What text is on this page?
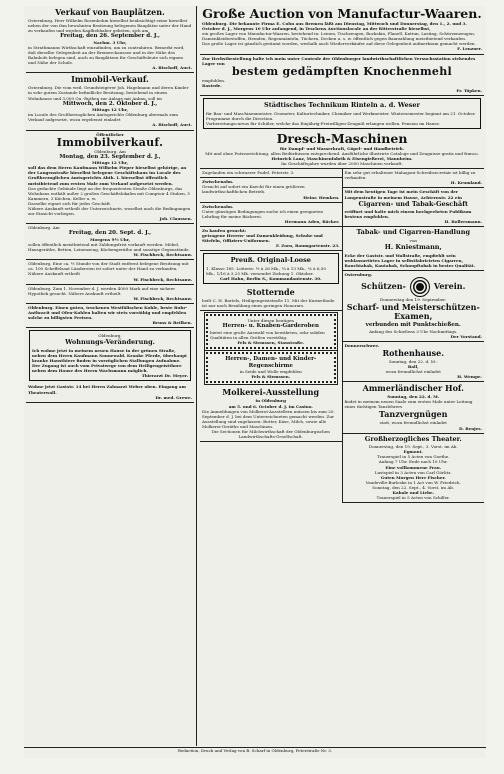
Verkauf von Bauplätzen.

Osternburg. Herr Wilhelm Rosenbohm hieselbst beabsichtigt seine hieselbst neben der von ihm bewohnten Besitzung belegenen Bauplätze unter der Hand zu verkaufen und werden Kaufliebhaber gebeten, sich am

Freitag, den 26. September d. J.,

Nachm. 3 Uhr,

in Strathmanns Wirthschaft einzufinden, um zu contrahiren. Bemerkt wird, daß dieselbe Gelegenheit an der Bremerchaussee und in der Nähe des Bahnhofs belegen sind, auch zu Bauplätzen für Geschäftsleute sich eignen und Nähe der Schule.

A. Bischoff, Auct.

Immobil-Verkauf.

Osternburg. Die vom weil. Grundsteigerer Joh. Hagelmann und deren Kinder in sehr gutem Zustande befindliche Besitzung, bestehend in einem Wohnhause und 3,000 Qu.-Ruthen zur Anlage mit Anbau, soll im

Mittwoch, den 2. Oktober d. J.,

Mittags 12 Uhr,

im Locale des Großherzoglichen Amtsgerichts Oldenburg abermals zum Verkauf aufgesetzt, wozu ergebenst einladet

A. Bischoff, Auct.

Öffentlicher

Immobilverkauf.

Oldenburg. Am

Montag, den 23. September d. J.,

Mittags 12 Uhr,

soll das dem Herrn Kaufmann Wilhelm Pieper hieselbst gehörige, an der Langenstraße hieselbst belegene Geschäftshaus im Locale des Großherzoglichen Amtsgerichts Abth. I. hierselbst öffentlich meistbietend zum ersten Male zum Verkauf aufgesetzt werden.

Das gedachte Gebäude liegt an der frequentesten Straße Oldenburgs, das Wohnhaus enthält außer 2 großen Geschäftslokalen mit Comptoir 4 Stuben, 5 Kammern, 3 Küchen, Keller u. w.

Dasselbe eignet sich für jedes Geschäft.

Nähere Auskunft ertheilt der Unterzeichnete, woselbst auch die Bedingungen zur Einsicht vorliegen.

Joh. Claussen.

Oldenburg. Am

Freitag, den 20. Sept. d. J.,

Morgens 9½ Uhr,

sollen öffentlich meistbietend mit Zahlungsfrist verkauft werden: Möbel, Hausgeräthe, Betten, Leinenzeug, Küchengeräthe und sonstige Gegenstände.

W. Fischbeck, Rechtsanw.

Oldenburg. Eine ca. ½ Stunde von der Stadt entfernt belegene Besitzung mit ca. 100 Scheffelsaat Ländereien ist sofort unter der Hand zu verkaufen. Nähere Auskunft ertheilt

W. Fischbeck, Rechtsanw.

Oldenburg. Zum 1. November d. J. werden 4000 Mark auf eine sichere Hypothek gesucht. Nähere Auskunft ertheilt

W. Fischbeck, Rechtsanw.

Oldenburg. Einen guten, trockenen Westfälischen Kohle, beste Ruhr-Anthracit und Ofen-Kohlen halten wir stets vorräthig und empfehlen solche zu billigsten Preisen.

Bruns & Beilken.

Oldenburg.

Wohnungs-Veränderung.

Ich wohne jetzt in meinem neuen Hause in der grünen Straße, neben dem Herrn Kaufmann Sonnewald. Kranke Pferde, überhaupt kranke Hausthiere finden in vorzüglichen Stallungen Aufnahme.

Der Zugang ist auch vom Privatwege von dem Heiligengeistthore neben dem Hause des Herrn Wachsmann möglich.

Thierarzt Dr. Meyer.

Wohne jetzt Gaststr. 14 bei Herrn Zahnarzt Weber oben. Eingang am Theaterwall.

Dr. med. Grewe.

Große Auction von Manufactur-Waaren.

Oldenburg. Die bekannte Firma E. Cohn aus Bremen läßt am Dienstag, Mittwoch und Donnerstag, den 1., 2. und 3. October d. J., Morgens 10 Uhr anfangend, in Teschens Auctionslocale an der Ritterstraße hieselbst,

ein großes Lager von Manufactur-Waaren, bestehend in: Leinen, Tischzeugen, Buckskin, Flanell, Kattun, Lasting, Schürzenzeugen, Damenkleiderstoffen, Hemden, Regenmänteln, Tüchern, Decken u. s. w. öffentlich gegen Baarzahlung meistbietend verkaufen.

Das große Lager ist gänzlich geräumt worden, weshalb auch Wiederverkäufer auf diese Gelegenheit aufmerksam gemacht werden.

F. Lenzner.

Zur Herbstbestellung halte ich mein unter Controle der Oldenburger landwirthschaftlichen Versuchsstation stehendes Lager von

bestem gedämpften Knochenmehl

empfohlen.

Rastede.

Fr. Töpken.

Städtisches Technikum Rinteln a. d. Weser

für Bau- und Maschinenmeister, Geometer, Kulturtechniker, Chemiker und Werkmeister. Wintersemester beginnt am 21. October. Programme durch die Direction.

Vorbereitungscursus für Schüler, welche das Einjährig-Freiwilligen-Zeugniß erlangen wollen. Pension im Hause.

Dresch-Maschinen

für Dampf- und Wasserkraft, Göpel- und Handbetrieb.

Mit und ohne Putzvorrichtung, allen Bedürfnissen entsprechend. Ausführliche illustrirte Cataloge und Zeugnisse gratis und franco.

Heinrich Lanz, Maschinenfabrik & Eisengießerei, Mannheim.

Im Geschäftsjahre wurden über 2000 Maschinen verkauft.

Zugelaufen ein schwarzer Pudel. Peterstr. 3.

Zwischenahn.

Gesucht auf sofort ein Knecht für einen größeren landwirthschaftlichen Betrieb.

Heinr. Hemken.

Zwischenahn.

Unter günstigen Bedingungen suche ich einen geeigneten Lehrling für meine Bäckerei.

Hermann Aden, Bäcker.

Zu kaufen gesucht:

getragene Herren- und Damenkleidung, Schuhe und Stiefeln, Offiziers-Uniformen.

F. Zorn, Baumgartenstr. 23.

Preuß. Original-Loose

1. Klasse 185. Lotterie: ½ à 26 Mk., ¼ à 13 Mk., ⅛ à 6,50 Mk., 1/16 à 3,25 Mk. versendet Ziehung 1. Oktober.

Carl Hahn, Berlin S., Kommandantenstr. 30.

Stotternde

heilt C. H. Bartels, Heiligengeiststraße 11. Mit der Kurmethode ist nur nach Bezahlung eines geringen Honorars.

Unter diesen heutigen

Herren- u. Knaben-Garderoben

bietet eine große Auswahl von bewährten, sehr soliden Qualitäten in allen Größen vorräthig.

Fels & Siemssen, Staustraße.

Herren-, Damen- und Kinder-Regenschirme

in Seide und Wolle empfehlen

Fels & Siemssen.

Molkerei-Ausstellung

in Oldenburg

am 5. und 6. October d. J. im Casino.

Die Anmeldungen von Molkerei-Ausstellern müssen bis zum 20. September d. J. bei dem Unterzeichneten gemacht werden. Zur Ausstellung sind zugelassen: Butter, Käse, Milch, sowie alle Molkerei-Geräthe und Maschinen.

Die Sectionen für Milchwirthschaft der Oldenburgischen Landwirthschafts-Gesellschaft.

Ein sehr gut erhaltener Mahagoni-Schreibsecretair ist billig zu verkaufen.

H. Krumland.

Mit dem heutigen Tage ist mein Geschäft von der Langenstraße in meinem Hause, Achternstr. 22 ein

Cigarren- und Tabak-Geschäft

eröffnet und halte mich einem hochgeehrten Publikum bestens empfohlen.

H. Bollersmann.

Tabak- und Cigarren-Handlung

von

H. Kniestmann,

Ecke der Gaststr. und Wallstraße, empfiehlt sein wohlassortirtes Lager in selbstfabricirten Cigarren, Rauchtabak, Kautabak, Schnupftabak in bester Qualität.

Osternburg.

Schützen-	Verein.

Donnerstag den 19. September:

Scharf- und Meisterschützen-Examen,
verbunden mit Punktschießen.

Anfang des Schießens 3 Uhr Nachmittags.

Der Vorstand.

Donnerschwee.

Rothenhause.

Sonntag, den 22. d. M.:

Ball,

wozu freundlichst einladet

H. Wempe.

Ammerländischer Hof.

Sonntag, den 22. d. M.

findet in meinem neuen Saale zum ersten Male unter Leitung eines tüchtigen Tanzlehrers

Tanzvergnügen

statt, wozu freundlichst einladet

D. Renjes.

Großherzogliches Theater.

Donnerstag, den 19. Sept., 3. Vorst. im Ab.

Egmont.

Trauerspiel in 5 Acten von Goethe.

Anfang 7 Uhr. Ende nach 10 Uhr.

Eine vollkommene Frau.

Lustspiel in 3 Acten von Carl Görlitz.

Guten Morgen Herr Fischer.

Vaudeville-Burleske in 1 Act von W. Friedrich.

Sonntag, den 22. Sept., 4. Vorst. im Ab.

Kabale und Liebe.

Trauerspiel in 5 Acten von Schiller.

Redaction, Druck und Verlag von B. Scharf in Oldenburg, Peterstraße Nr. 3.
